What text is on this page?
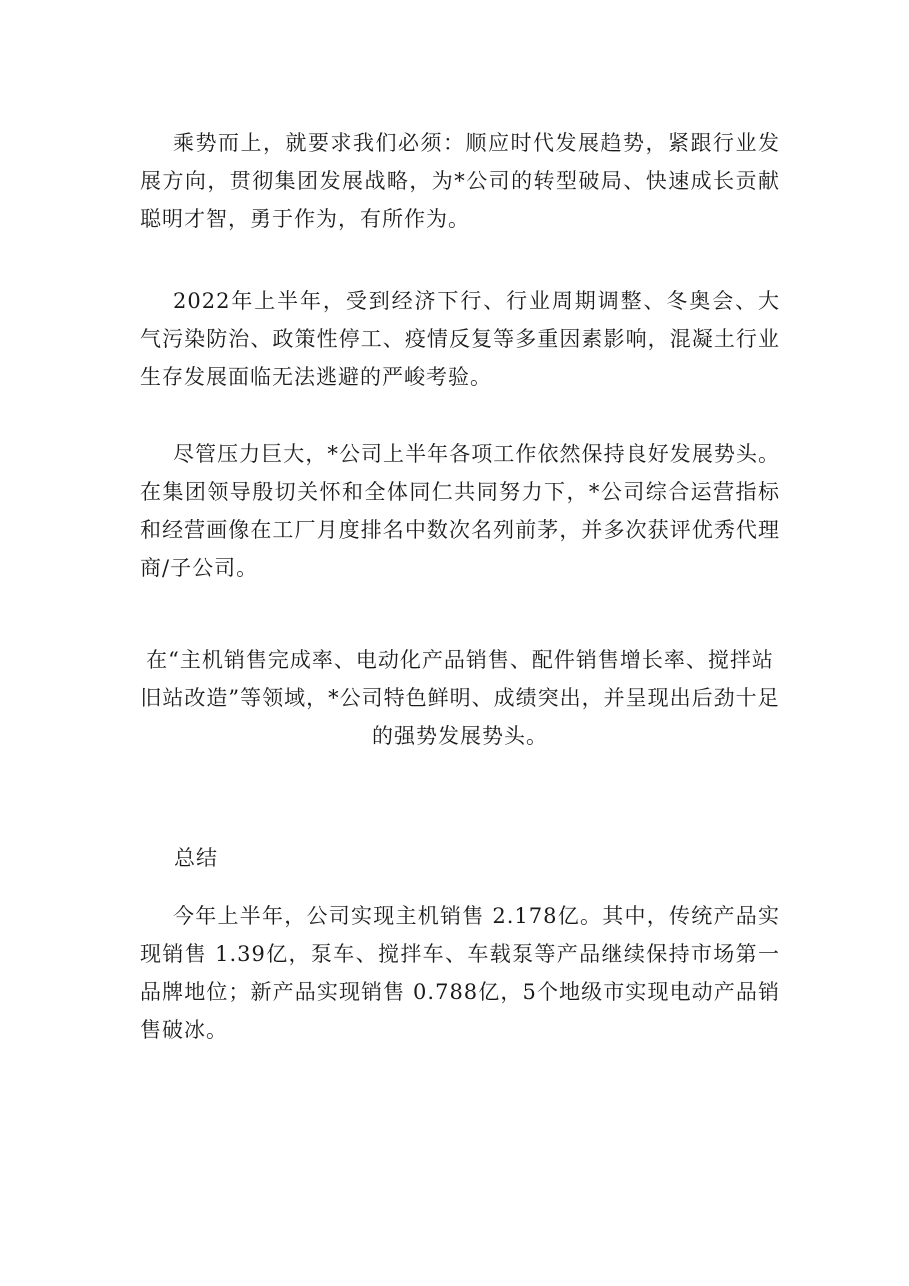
乘势而上，就要求我们必须：顺应时代发展趋势，紧跟行业发展方向，贯彻集团发展战略，为*公司的转型破局、快速成长贡献聪明才智，勇于作为，有所作为。

2022年上半年，受到经济下行、行业周期调整、冬奥会、大气污染防治、政策性停工、疫情反复等多重因素影响，混凝土行业生存发展面临无法逃避的严峻考验。

尽管压力巨大，*公司上半年各项工作依然保持良好发展势头。在集团领导殷切关怀和全体同仁共同努力下，*公司综合运营指标和经营画像在工厂月度排名中数次名列前茅，并多次获评优秀代理商/子公司。

在“主机销售完成率、电动化产品销售、配件销售增长率、搅拌站旧站改造”等领域，*公司特色鲜明、成绩突出，并呈现出后劲十足的强势发展势头。

总结

今年上半年，公司实现主机销售 2.178亿。其中，传统产品实现销售 1.39亿，泵车、搅拌车、车载泵等产品继续保持市场第一品牌地位；新产品实现销售 0.788亿，5个地级市实现电动产品销售破冰。
